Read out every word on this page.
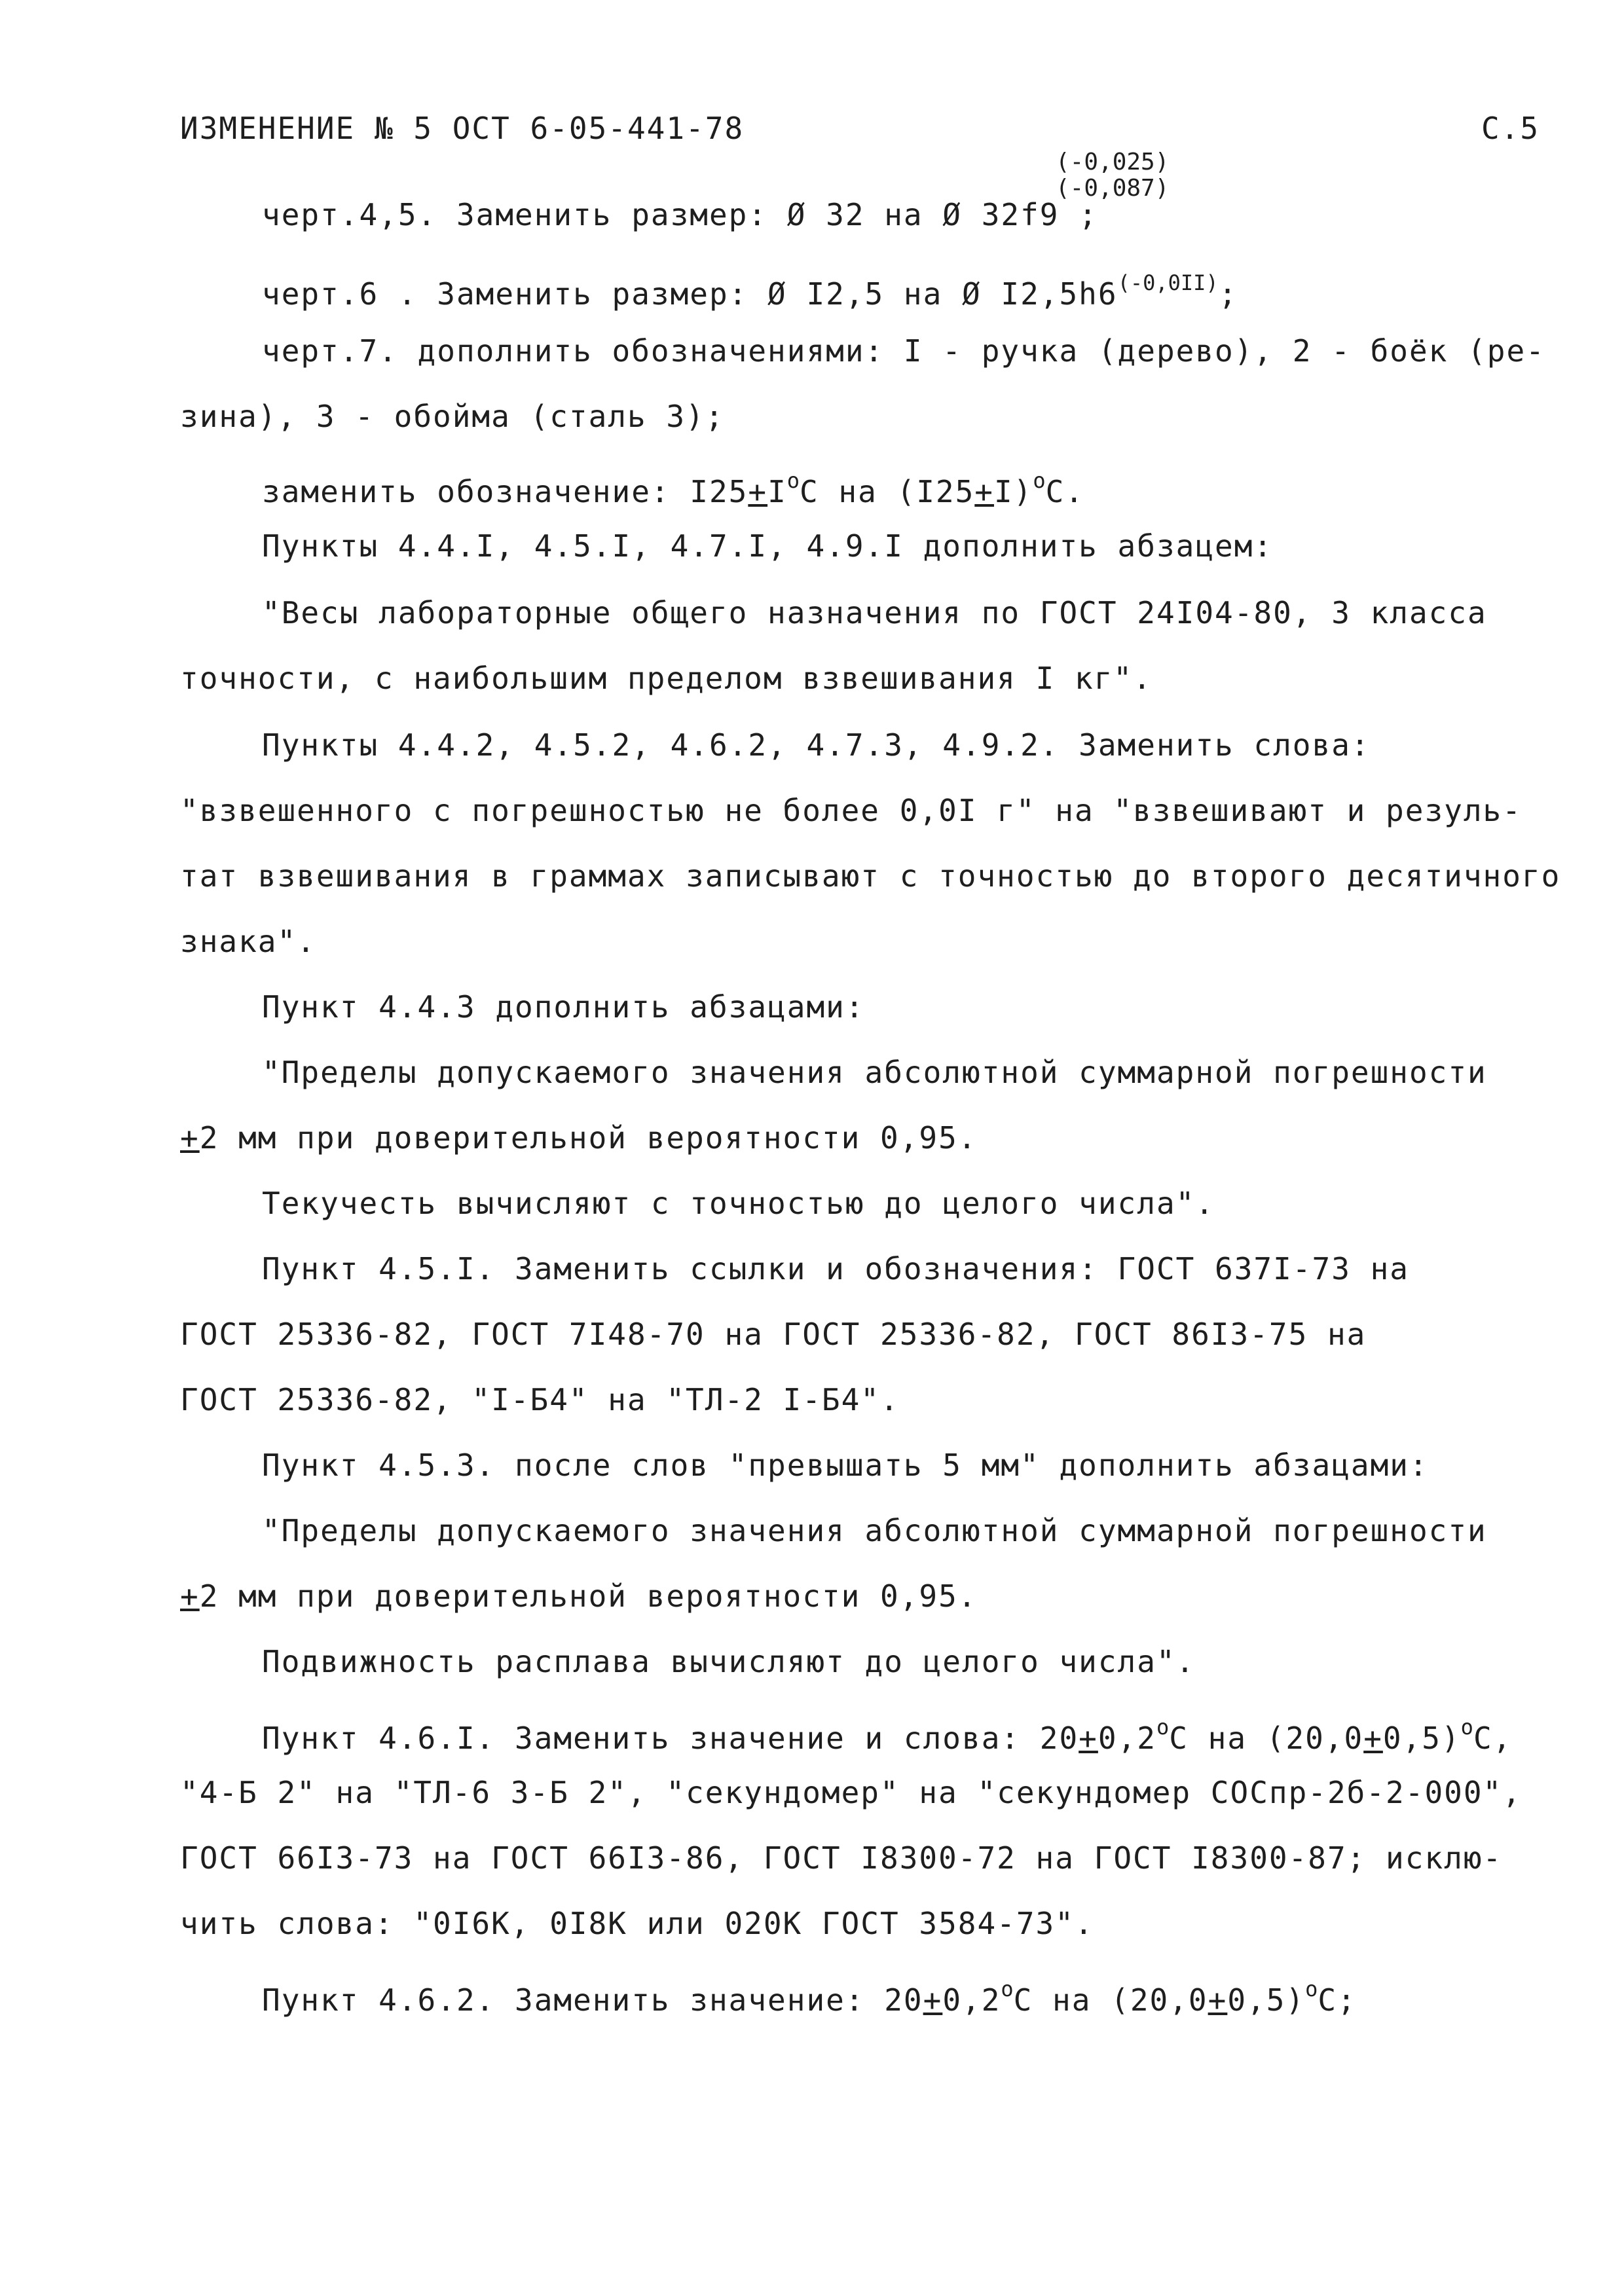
ИЗМЕНЕНИЕ № 5 ОСТ 6-05-441-78	С.5
черт.4,5. Заменить размер: Ø 32 на Ø 32f9 ;
(-0,025)
(-0,087)
черт.6 . Заменить размер: Ø I2,5 на Ø $I2,5h6^{(-0,0II)}$;
черт.7. дополнить обозначениями: I - ручка (дерево), 2 - боёк (ре-
зина), 3 - обойма (сталь 3);
заменить обозначение: $I25+I^оС$ на $(I25+I)^оС$.
Пункты 4.4.I, 4.5.I, 4.7.I, 4.9.I дополнить абзацем:
"Весы лабораторные общего назначения по ГОСТ 24I04-80, 3 класса
точности, с наибольшим пределом взвешивания I кг".
Пункты 4.4.2, 4.5.2, 4.6.2, 4.7.3, 4.9.2. Заменить слова:
"взвешенного с погрешностью не более 0,0I г" на "взвешивают и резуль-
тат взвешивания в граммах записывают с точностью до второго десятичного
знака".
Пункт 4.4.3 дополнить абзацами:
"Пределы допускаемого значения абсолютной суммарной погрешности
+2 мм при доверительной вероятности 0,95.
Текучесть вычисляют с точностью до целого числа".
Пункт 4.5.I. Заменить ссылки и обозначения: ГОСТ 637I-73 на
ГОСТ 25336-82, ГОСТ 7I48-70 на ГОСТ 25336-82, ГОСТ 86I3-75 на
ГОСТ 25336-82, "I-Б4" на "ТЛ-2 I-Б4".
Пункт 4.5.3. после слов "превышать 5 мм" дополнить абзацами:
"Пределы допускаемого значения абсолютной суммарной погрешности
+2 мм при доверительной вероятности 0,95.
Подвижность расплава вычисляют до целого числа".
Пункт 4.6.I. Заменить значение и слова: $20+0,2^оС$ на $(20,0+0,5)^оС$,
"4-Б 2" на "ТЛ-6 3-Б 2", "секундомер" на "секундомер СОСпр-2б-2-000",
ГОСТ 66I3-73 на ГОСТ 66I3-86, ГОСТ I8300-72 на ГОСТ I8300-87; исклю-
чить слова: "0I6К, 0I8К или 020К ГОСТ 3584-73".
Пункт 4.6.2. Заменить значение: $20+0,2^оС$ на $(20,0+0,5)^оС$;
